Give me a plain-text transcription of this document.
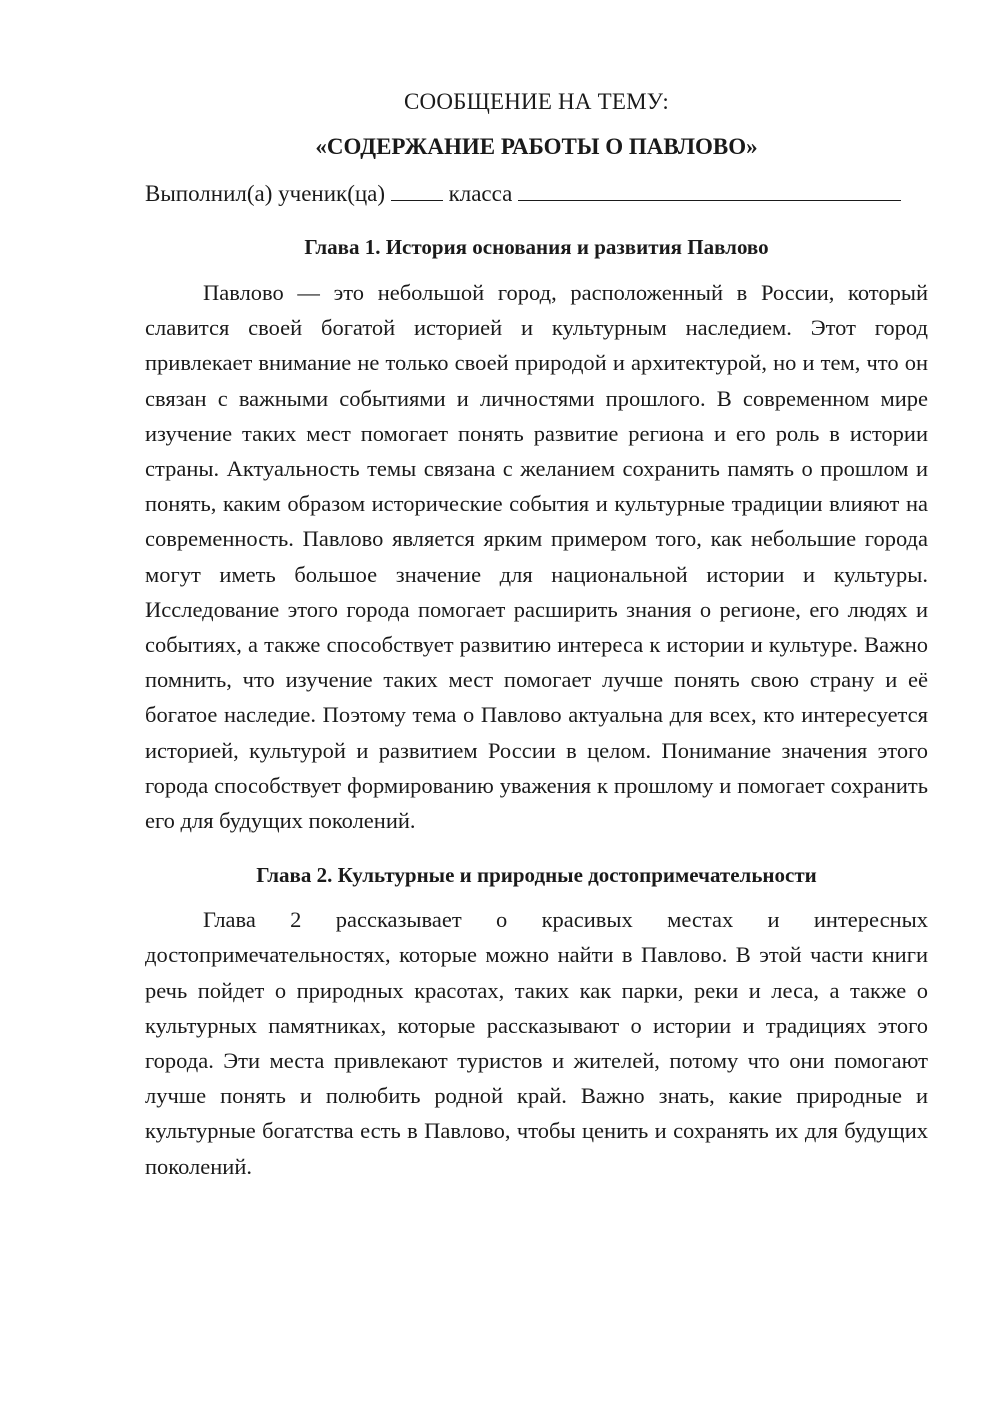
СООБЩЕНИЕ НА ТЕМУ:

«СОДЕРЖАНИЕ РАБОТЫ О ПАВЛОВО»

Выполнил(а) ученик(ца)	класса
Глава 1. История основания и развития Павлово

Павлово — это небольшой город, расположенный в России, который славится своей богатой историей и культурным наследием. Этот город привлекает внимание не только своей природой и архитектурой, но и тем, что он связан с важными событиями и личностями прошлого. В современном мире изучение таких мест помогает понять развитие региона и его роль в истории страны. Актуальность темы связана с желанием сохранить память о прошлом и понять, каким образом исторические события и культурные традиции влияют на современность. Павлово является ярким примером того, как небольшие города могут иметь большое значение для национальной истории и культуры. Исследование этого города помогает расширить знания о регионе, его людях и событиях, а также способствует развитию интереса к истории и культуре. Важно помнить, что изучение таких мест помогает лучше понять свою страну и её богатое наследие. Поэтому тема о Павлово актуальна для всех, кто интересуется историей, культурой и развитием России в целом. Понимание значения этого города способствует формированию уважения к прошлому и помогает сохранить его для будущих поколений.

Глава 2. Культурные и природные достопримечательности

Глава 2 рассказывает о красивых местах и интересных достопримечательностях, которые можно найти в Павлово. В этой части книги речь пойдет о природных красотах, таких как парки, реки и леса, а также о культурных памятниках, которые рассказывают о истории и традициях этого города. Эти места привлекают туристов и жителей, потому что они помогают лучше понять и полюбить родной край. Важно знать, какие природные и культурные богатства есть в Павлово, чтобы ценить и сохранять их для будущих поколений.
